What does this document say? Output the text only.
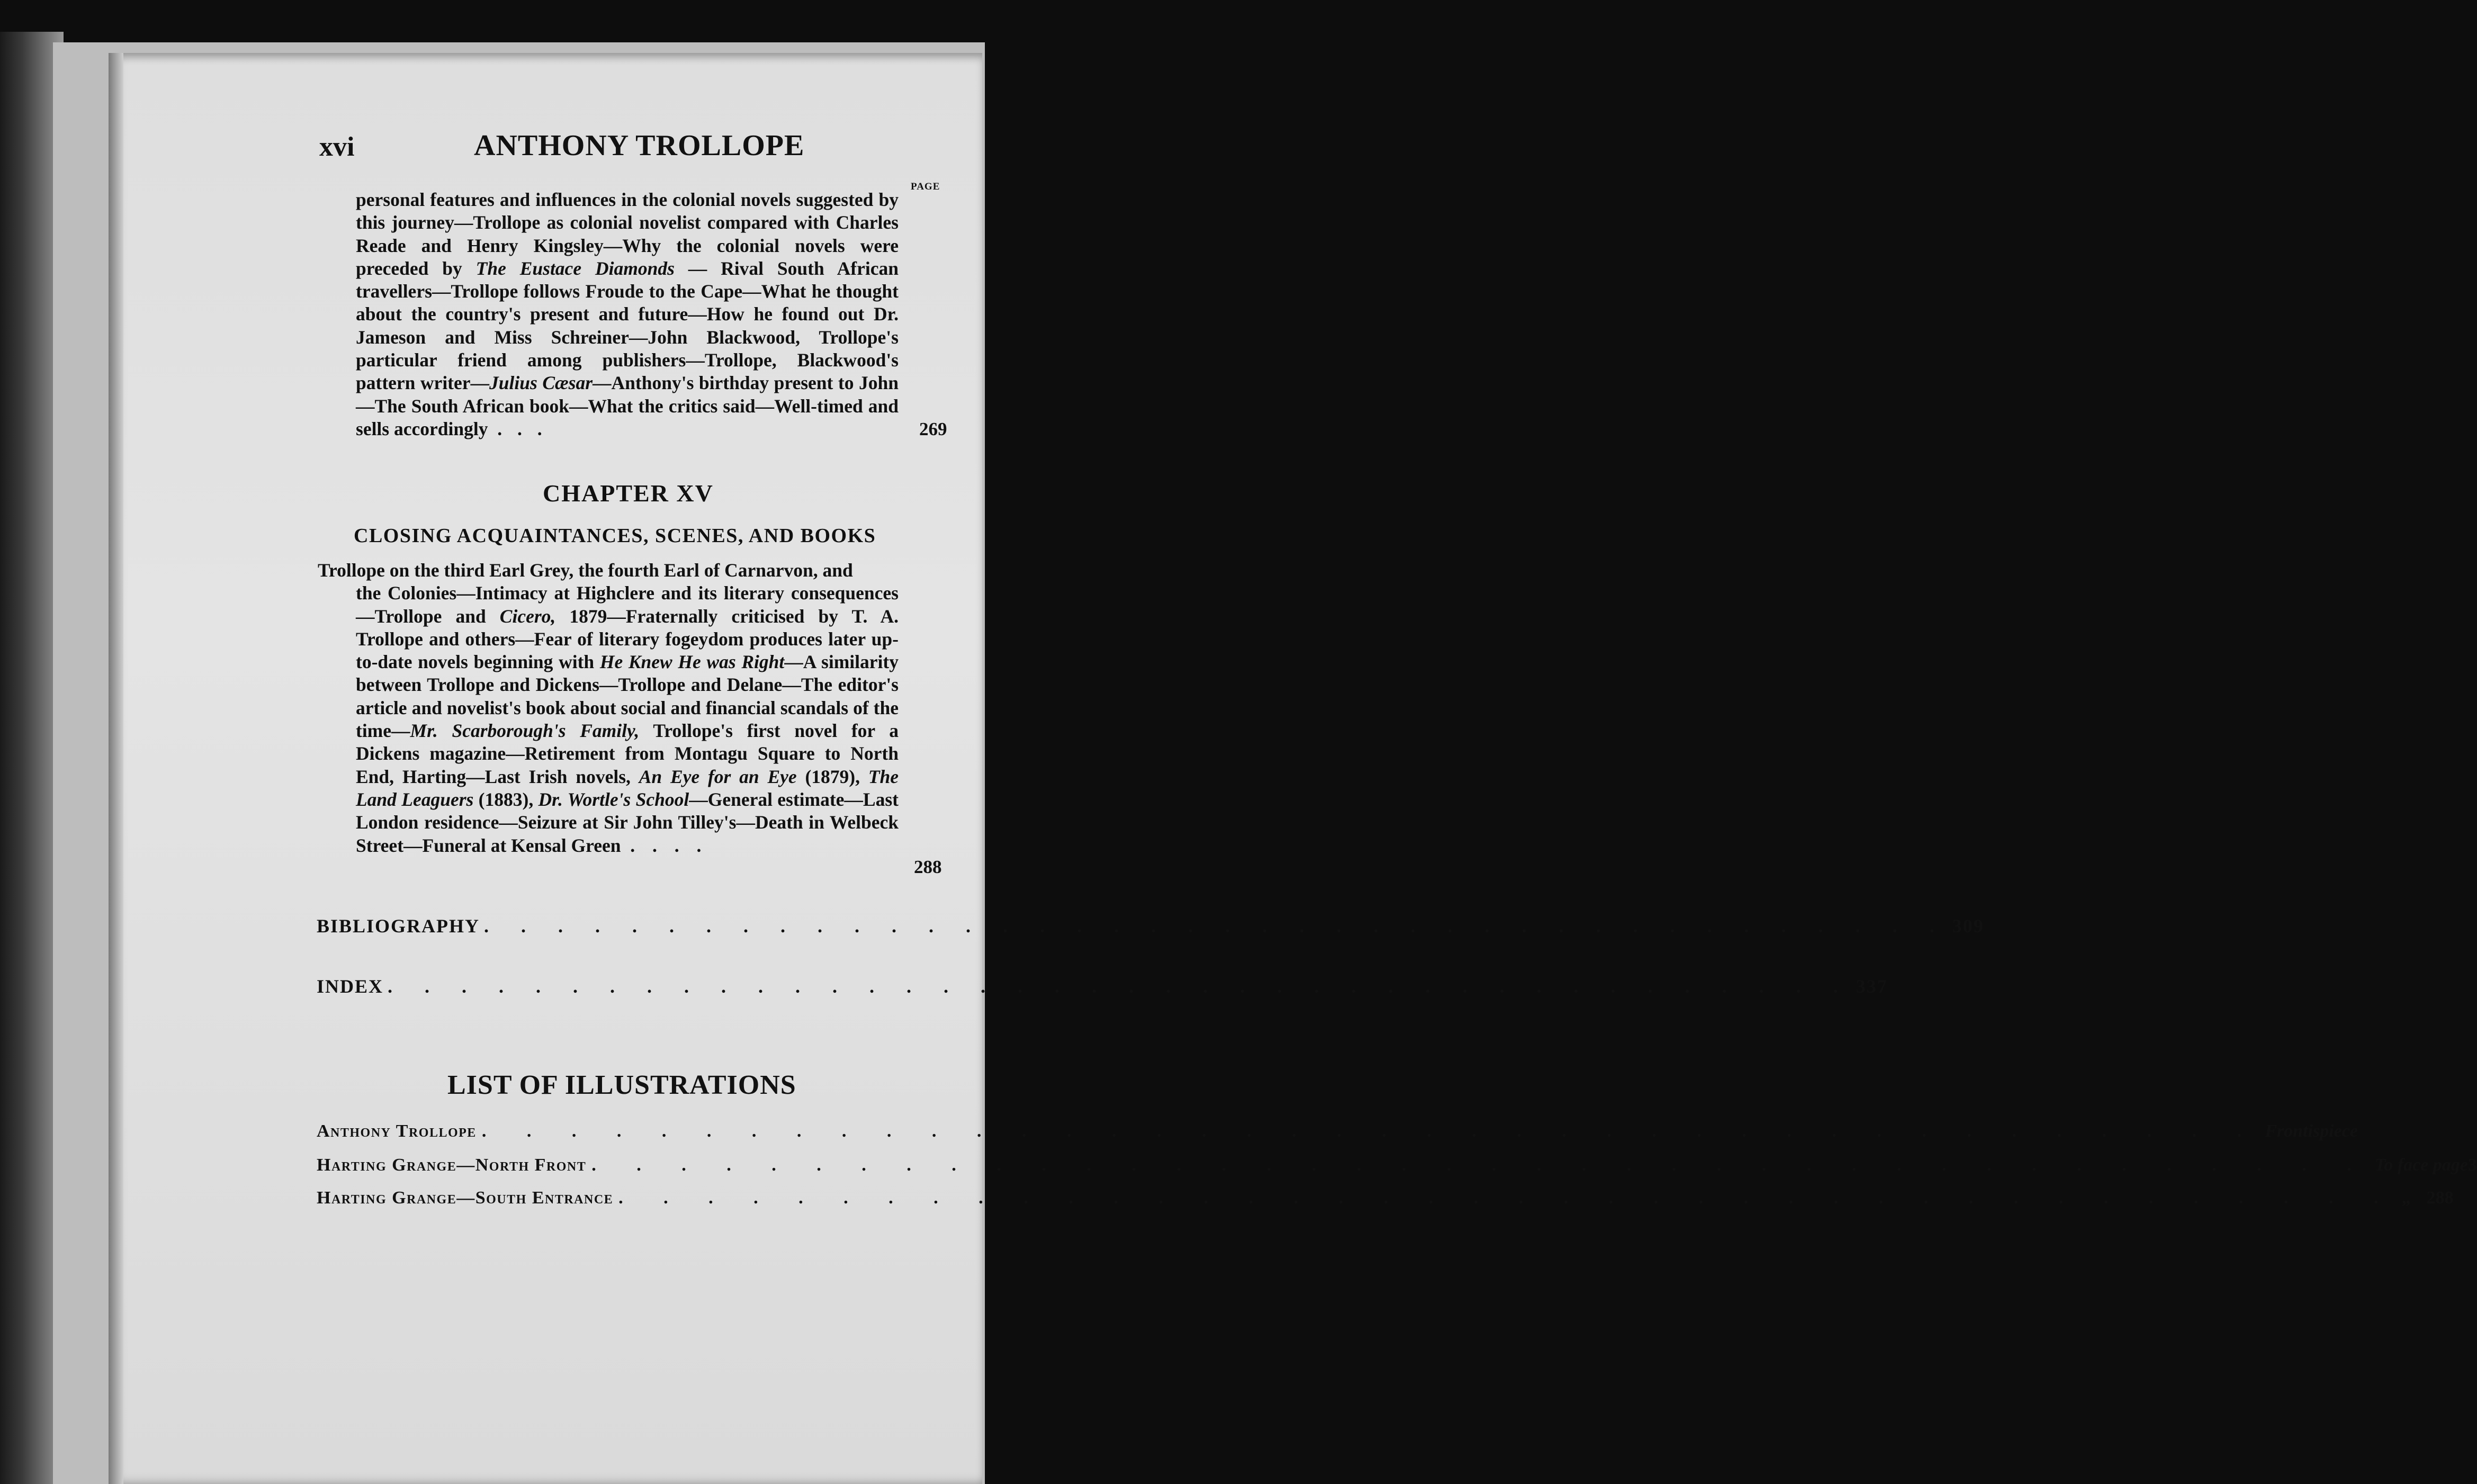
xvi	ANTHONY TROLLOPE
PAGE
personal features and influences in the colonial novels suggested by this journey—Trollope as colonial novelist compared with Charles Reade and Henry Kingsley—Why the colonial novels were preceded by The Eustace Diamonds — Rival South African travellers—Trollope follows Froude to the Cape—What he thought about the country's present and future—How he found out Dr. Jameson and Miss Schreiner—John Blackwood, Trollope's particular friend among publishers—Trollope, Blackwood's pattern writer—Julius Cæsar—Anthony's birthday present to John—The South African book—What the critics said—Well-timed and sells accordingly . . .	269
CHAPTER XV
CLOSING ACQUAINTANCES, SCENES, AND BOOKS
Trollope on the third Earl Grey, the fourth Earl of Carnarvon, and
the Colonies—Intimacy at Highclere and its literary consequences—Trollope and Cicero, 1879—Fraternally criticised by T. A. Trollope and others—Fear of literary fogeydom produces later up-to-date novels beginning with He Knew He was Right—A similarity between Trollope and Dickens—Trollope and Delane—The editor's article and novelist's book about social and financial scandals of the time—Mr. Scarborough's Family, Trollope's first novel for a Dickens magazine—Retirement from Montagu Square to North End, Harting—Last Irish novels, An Eye for an Eye (1879), The Land Leaguers (1883), Dr. Wortle's School—General estimate—Last London residence—Seizure at Sir John Tilley's—Death in Welbeck Street—Funeral at Kensal Green . . . .
288
BIBLIOGRAPHY . . . . . . . . . . . . . . . . . . . . . . . . . . . . . . . . . . . . . . . . 309
INDEX . . . . . . . . . . . . . . . . . . . . . . . . . . . . . . . . . . . . . . . . 337
LIST OF ILLUSTRATIONS
Anthony Trollope . . . . . . . . . . . . . . . . . . . . . . . . . . . . . . . . . . . . . . . . Frontispiece
Harting Grange—North Front . . . . . . . . . . . . . . . . . . . . . . . . . . . . . . . . . . . . . . . . To face page 3
Harting Grange—South Entrance . . . . . . . . . . . . . . . . . . . . . . . . . . . . . . . . . . . . . . . . „ 288
